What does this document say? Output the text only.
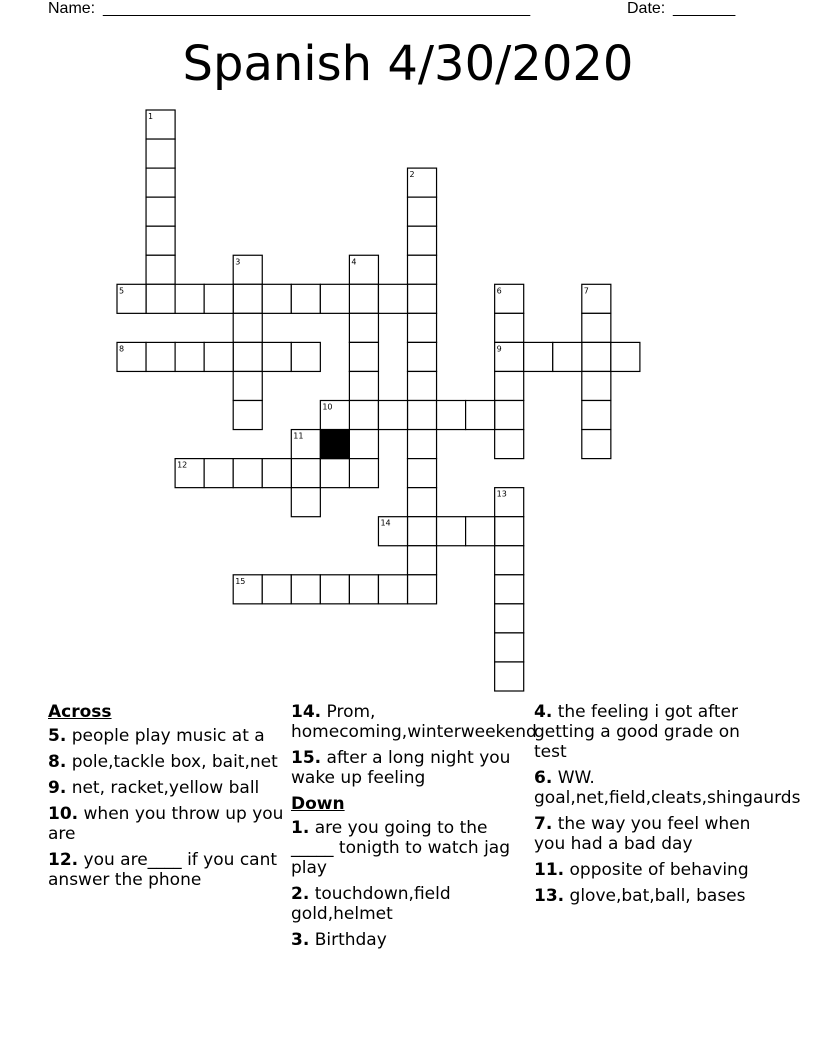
Name: ________________________________________________	Date: _______
Spanish 4/30/2020
1
2
3	4
5	6	7
8	9
10
11
12
13
14
15
Across
5. people play music at a
8. pole,tackle box, bait,net
9. net, racket,yellow ball
10. when you throw up you are
12. you are____ if you cant answer the phone
14. Prom, homecoming,winterweekend
15. after a long night you wake up feeling
Down
1. are you going to the _____ tonigth to watch jag play
2. touchdown,field gold,helmet
3. Birthday
4. the feeling i got after getting a good grade on test
6. WW. goal,net,field,cleats,shingaurds
7. the way you feel when you had a bad day
11. opposite of behaving
13. glove,bat,ball, bases
